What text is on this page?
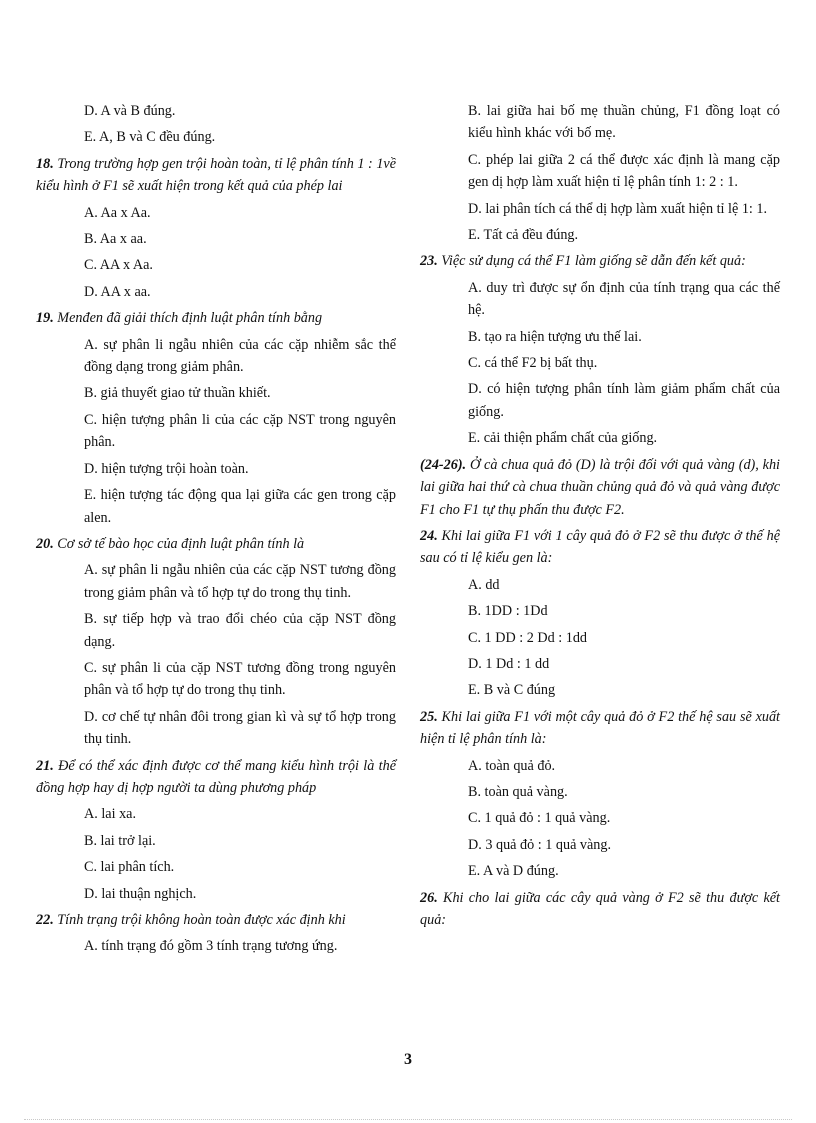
D. A và B đúng.
E. A, B và C đều đúng.
18. Trong trường hợp gen trội hoàn toàn, tỉ lệ phân tính 1 : 1về kiểu hình ở F1 sẽ xuất hiện trong kết quả của phép lai
A. Aa x Aa.
B. Aa x aa.
C. AA x Aa.
D. AA x aa.
19. Menđen đã giải thích định luật phân tính bằng
A. sự phân li ngẫu nhiên của các cặp nhiễm sắc thể đồng dạng trong giảm phân.
B. giả thuyết giao tử thuần khiết.
C. hiện tượng phân li của các cặp NST trong nguyên phân.
D. hiện tượng trội hoàn toàn.
E. hiện tượng tác động qua lại giữa các gen trong cặp alen.
20. Cơ sở tế bào học của định luật phân tính là
A. sự phân li ngẫu nhiên của các cặp NST tương đồng trong giảm phân và tổ hợp tự do trong thụ tinh.
B. sự tiếp hợp và trao đổi chéo của cặp NST đồng dạng.
C. sự phân li của cặp NST tương đồng trong nguyên phân và tổ hợp tự do trong thụ tinh.
D. cơ chế tự nhân đôi trong gian kì và sự tổ hợp trong thụ tinh.
21. Để có thể xác định được cơ thể mang kiểu hình trội là thể đồng hợp hay dị hợp người ta dùng phương pháp
A. lai xa.
B. lai trở lại.
C. lai phân tích.
D. lai thuận nghịch.
22. Tính trạng trội không hoàn toàn được xác định khi
A. tính trạng đó gồm 3 tính trạng tương ứng.
B. lai giữa hai bố mẹ thuần chủng, F1 đồng loạt có kiểu hình khác với bố mẹ.
C. phép lai giữa 2 cá thể được xác định là mang cặp gen dị hợp làm xuất hiện tỉ lệ phân tính 1: 2 : 1.
D. lai phân tích cá thể dị hợp làm xuất hiện tỉ lệ 1: 1.
E. Tất cả đều đúng.
23. Việc sử dụng cá thể F1 làm giống sẽ dẫn đến kết quả:
A. duy trì được sự ổn định của tính trạng qua các thế hệ.
B. tạo ra hiện tượng ưu thế lai.
C. cá thể F2 bị bất thụ.
D. có hiện tượng phân tính làm giảm phẩm chất của giống.
E. cải thiện phẩm chất của giống.
(24-26). Ở cà chua quả đỏ (D) là trội đối với quả vàng (d), khi lai giữa hai thứ cà chua thuần chủng quả đỏ và quả vàng được F1 cho F1 tự thụ phấn thu được F2.
24. Khi lai giữa F1 với 1 cây quả đỏ ở F2 sẽ thu được ở thế hệ sau có tỉ lệ kiểu gen là:
A. dd
B. 1DD : 1Dd
C. 1 DD : 2 Dd : 1dd
D. 1 Dd : 1 dd
E. B và C đúng
25. Khi lai giữa F1 với một cây quả đỏ ở F2 thế hệ sau sẽ xuất hiện tỉ lệ phân tính là:
A. toàn quả đỏ.
B. toàn quả vàng.
C. 1 quả đỏ : 1 quả vàng.
D. 3 quả đỏ : 1 quả vàng.
E. A và D đúng.
26. Khi cho lai giữa các cây quả vàng ở F2 sẽ thu được kết quả:
3
